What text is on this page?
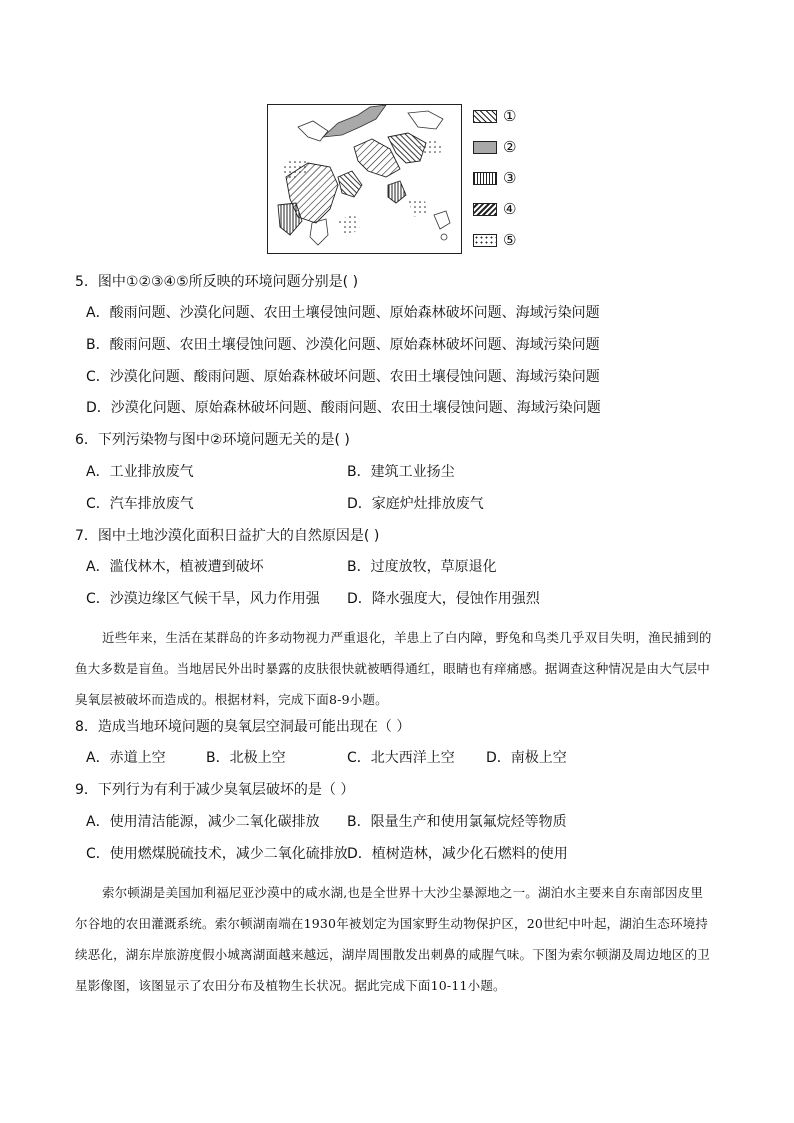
①
②
③
④
⑤
5．图中①②③④⑤所反映的环境问题分别是( )
A．酸雨问题、沙漠化问题、农田土壤侵蚀问题、原始森林破坏问题、海域污染问题
B．酸雨问题、农田土壤侵蚀问题、沙漠化问题、原始森林破坏问题、海域污染问题
C．沙漠化问题、酸雨问题、原始森林破坏问题、农田土壤侵蚀问题、海域污染问题
D．沙漠化问题、原始森林破坏问题、酸雨问题、农田土壤侵蚀问题、海域污染问题
6．下列污染物与图中②环境问题无关的是( )
A．工业排放废气	B．建筑工业扬尘
C．汽车排放废气	D．家庭炉灶排放废气
7．图中土地沙漠化面积日益扩大的自然原因是( )
A．滥伐林木，植被遭到破坏	B．过度放牧，草原退化
C．沙漠边缘区气候干旱，风力作用强 D．降水强度大，侵蚀作用强烈
近些年来，生活在某群岛的许多动物视力严重退化，羊患上了白内障，野兔和鸟类几乎双目失明，渔民捕到的鱼大多数是盲鱼。当地居民外出时暴露的皮肤很快就被晒得通红，眼睛也有痒痛感。据调查这种情况是由大气层中臭氧层被破坏而造成的。根据材料，完成下面8-9小题。
8．造成当地环境问题的臭氧层空洞最可能出现在（ ）
A．赤道上空	B．北极上空	C．北大西洋上空 D．南极上空
9．下列行为有利于减少臭氧层破坏的是（ ）
A．使用清洁能源，减少二氧化碳排放 B．限量生产和使用氯氟烷烃等物质
C．使用燃煤脱硫技术，减少二氧化硫排放 D．植树造林，减少化石燃料的使用
索尔顿湖是美国加利福尼亚沙漠中的咸水湖,也是全世界十大沙尘暴源地之一。湖泊水主要来自东南部因皮里尔谷地的农田灌溉系统。索尔顿湖南端在1930年被划定为国家野生动物保护区，20世纪中叶起，湖泊生态环境持续恶化，湖东岸旅游度假小城离湖面越来越远，湖岸周围散发出刺鼻的咸腥气味。下图为索尔顿湖及周边地区的卫星影像图，该图显示了农田分布及植物生长状况。据此完成下面10-11小题。
